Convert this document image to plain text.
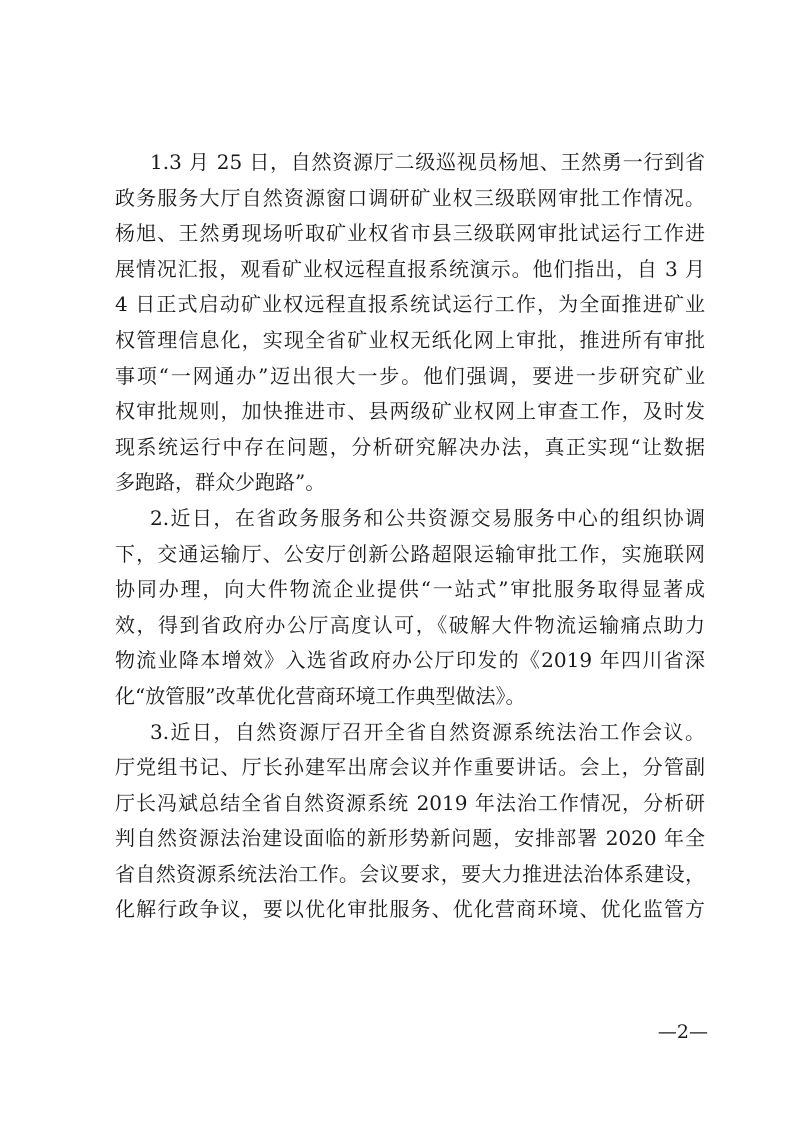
1.3 月 25 日，自然资源厅二级巡视员杨旭、王然勇一行到省
政务服务大厅自然资源窗口调研矿业权三级联网审批工作情况。
杨旭、王然勇现场听取矿业权省市县三级联网审批试运行工作进
展情况汇报，观看矿业权远程直报系统演示。他们指出，自 3 月
4 日正式启动矿业权远程直报系统试运行工作，为全面推进矿业
权管理信息化，实现全省矿业权无纸化网上审批，推进所有审批
事项“一网通办”迈出很大一步。他们强调，要进一步研究矿业
权审批规则，加快推进市、县两级矿业权网上审查工作，及时发
现系统运行中存在问题，分析研究解决办法，真正实现“让数据
多跑路，群众少跑路”。
2.近日，在省政务服务和公共资源交易服务中心的组织协调
下，交通运输厅、公安厅创新公路超限运输审批工作，实施联网
协同办理，向大件物流企业提供“一站式”审批服务取得显著成
效，得到省政府办公厅高度认可，《破解大件物流运输痛点助力
物流业降本增效》入选省政府办公厅印发的《2019 年四川省深
化“放管服”改革优化营商环境工作典型做法》。
3.近日，自然资源厅召开全省自然资源系统法治工作会议。
厅党组书记、厅长孙建军出席会议并作重要讲话。会上，分管副
厅长冯斌总结全省自然资源系统 2019 年法治工作情况，分析研
判自然资源法治建设面临的新形势新问题，安排部署 2020 年全
省自然资源系统法治工作。会议要求，要大力推进法治体系建设，
化解行政争议，要以优化审批服务、优化营商环境、优化监管方
—2—
